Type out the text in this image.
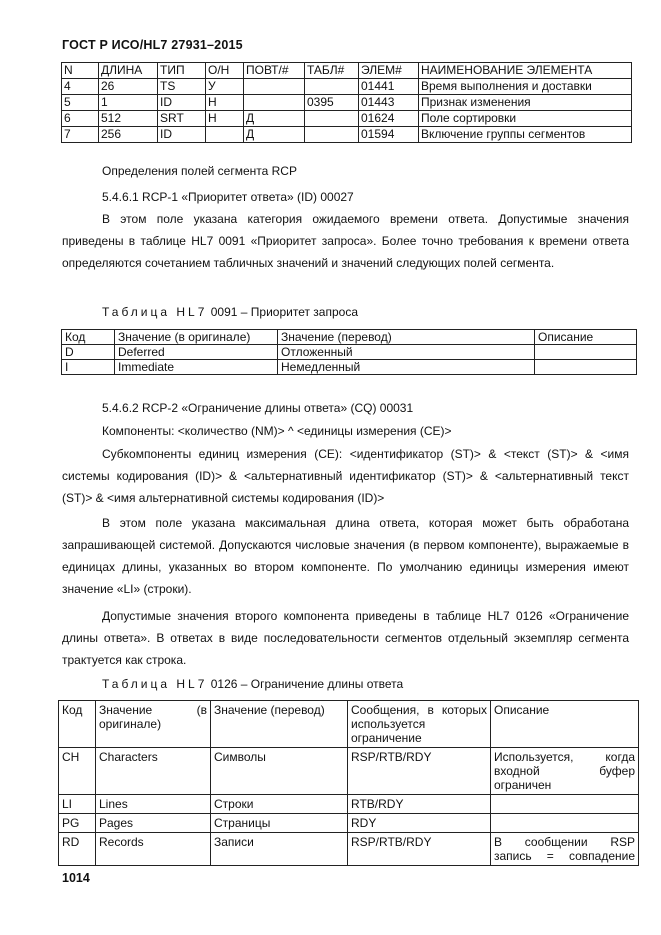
ГОСТ Р ИСО/HL7 27931–2015
N	ДЛИНА	ТИП	О/Н	ПОВТ/#	ТАБЛ#	ЭЛЕМ#	НАИМЕНОВАНИЕ ЭЛЕМЕНТА
4	26	TS	У			01441	Время выполнения и доставки
5	1	ID	Н		0395	01443	Признак изменения
6	512	SRT	Н	Д		01624	Поле сортировки
7	256	ID		Д		01594	Включение группы сегментов
Определения полей сегмента RCP
5.4.6.1 RCP-1 «Приоритет ответа» (ID) 00027
В этом поле указана категория ожидаемого времени ответа. Допустимые значения приведены в таблице HL7 0091 «Приоритет запроса». Более точно требования к времени ответа определяются сочетанием табличных значений и значений следующих полей сегмента.
Таблица HL7 0091 – Приоритет запроса
Код	Значение (в оригинале)	Значение (перевод)	Описание
D	Deferred	Отложенный	
I	Immediate	Немедленный	
5.4.6.2 RCP-2 «Ограничение длины ответа» (CQ) 00031
Компоненты: <количество (NM)> ^ <единицы измерения (CE)>
Субкомпоненты единиц измерения (CE): <идентификатор (ST)> & <текст (ST)> & <имя системы кодирования (ID)> & <альтернативный идентификатор (ST)> & <альтернативный текст (ST)> & <имя альтернативной системы кодирования (ID)>
В этом поле указана максимальная длина ответа, которая может быть обработана запрашивающей системой. Допускаются числовые значения (в первом компоненте), выражаемые в единицах длины, указанных во втором компоненте. По умолчанию единицы измерения имеют значение «LI» (строки).
Допустимые значения второго компонента приведены в таблице HL7 0126 «Ограничение длины ответа». В ответах в виде последовательности сегментов отдельный экземпляр сегмента трактуется как строка.
Таблица HL7 0126 – Ограничение длины ответа
Код	Значение (в оригинале)	Значение (перевод)	Сообщения, в которых используется ограничение	Описание
CH	Characters	Символы	RSP/RTB/RDY	Используется, когда входной буфер ограничен
LI	Lines	Строки	RTB/RDY	
PG	Pages	Страницы	RDY	
RD	Records	Записи	RSP/RTB/RDY	В сообщении RSP запись = совпадение
1014
